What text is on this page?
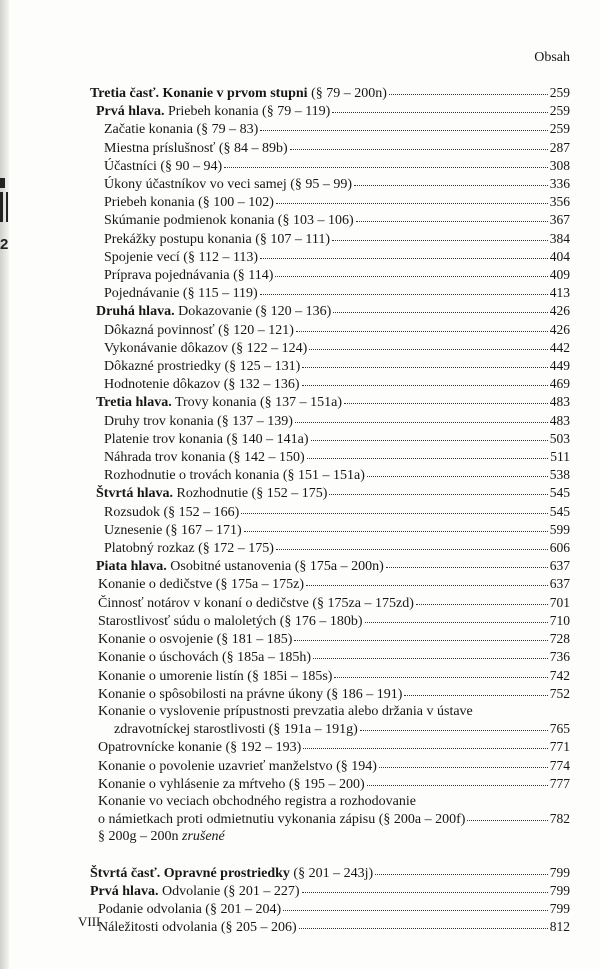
2
Obsah
Tretia časť. Konanie v prvom stupni (§ 79 – 200n)	259
Prvá hlava. Priebeh konania (§ 79 – 119)	259
Začatie konania (§ 79 – 83)	259
Miestna príslušnosť (§ 84 – 89b)	287
Účastníci (§ 90 – 94)	308
Úkony účastníkov vo veci samej (§ 95 – 99)	336
Priebeh konania (§ 100 – 102)	356
Skúmanie podmienok konania (§ 103 – 106)	367
Prekážky postupu konania (§ 107 – 111)	384
Spojenie vecí (§ 112 – 113)	404
Príprava pojednávania (§ 114)	409
Pojednávanie (§ 115 – 119)	413
Druhá hlava. Dokazovanie (§ 120 – 136)	426
Dôkazná povinnosť (§ 120 – 121)	426
Vykonávanie dôkazov (§ 122 – 124)	442
Dôkazné prostriedky (§ 125 – 131)	449
Hodnotenie dôkazov (§ 132 – 136)	469
Tretia hlava. Trovy konania (§ 137 – 151a)	483
Druhy trov konania (§ 137 – 139)	483
Platenie trov konania (§ 140 – 141a)	503
Náhrada trov konania (§ 142 – 150)	511
Rozhodnutie o trovách konania (§ 151 – 151a)	538
Štvrtá hlava. Rozhodnutie (§ 152 – 175)	545
Rozsudok (§ 152 – 166)	545
Uznesenie (§ 167 – 171)	599
Platobný rozkaz (§ 172 – 175)	606
Piata hlava. Osobitné ustanovenia (§ 175a – 200n)	637
Konanie o dedičstve (§ 175a – 175z)	637
Činnosť notárov v konaní o dedičstve (§ 175za – 175zd)	701
Starostlivosť súdu o maloletých (§ 176 – 180b)	710
Konanie o osvojenie (§ 181 – 185)	728
Konanie o úschovách (§ 185a – 185h)	736
Konanie o umorenie listín (§ 185i – 185s)	742
Konanie o spôsobilosti na právne úkony (§ 186 – 191)	752
Konanie o vyslovenie prípustnosti prevzatia alebo držania v ústave
zdravotníckej starostlivosti (§ 191a – 191g)	765
Opatrovnícke konanie (§ 192 – 193)	771
Konanie o povolenie uzavrieť manželstvo (§ 194)	774
Konanie o vyhlásenie za mŕtveho (§ 195 – 200)	777
Konanie vo veciach obchodného registra a rozhodovanie
o námietkach proti odmietnutiu vykonania zápisu (§ 200a – 200f)	782
§ 200g – 200n zrušené
Štvrtá časť. Opravné prostriedky (§ 201 – 243j)	799
Prvá hlava. Odvolanie (§ 201 – 227)	799
Podanie odvolania (§ 201 – 204)	799
Náležitosti odvolania (§ 205 – 206)	812
VIII
